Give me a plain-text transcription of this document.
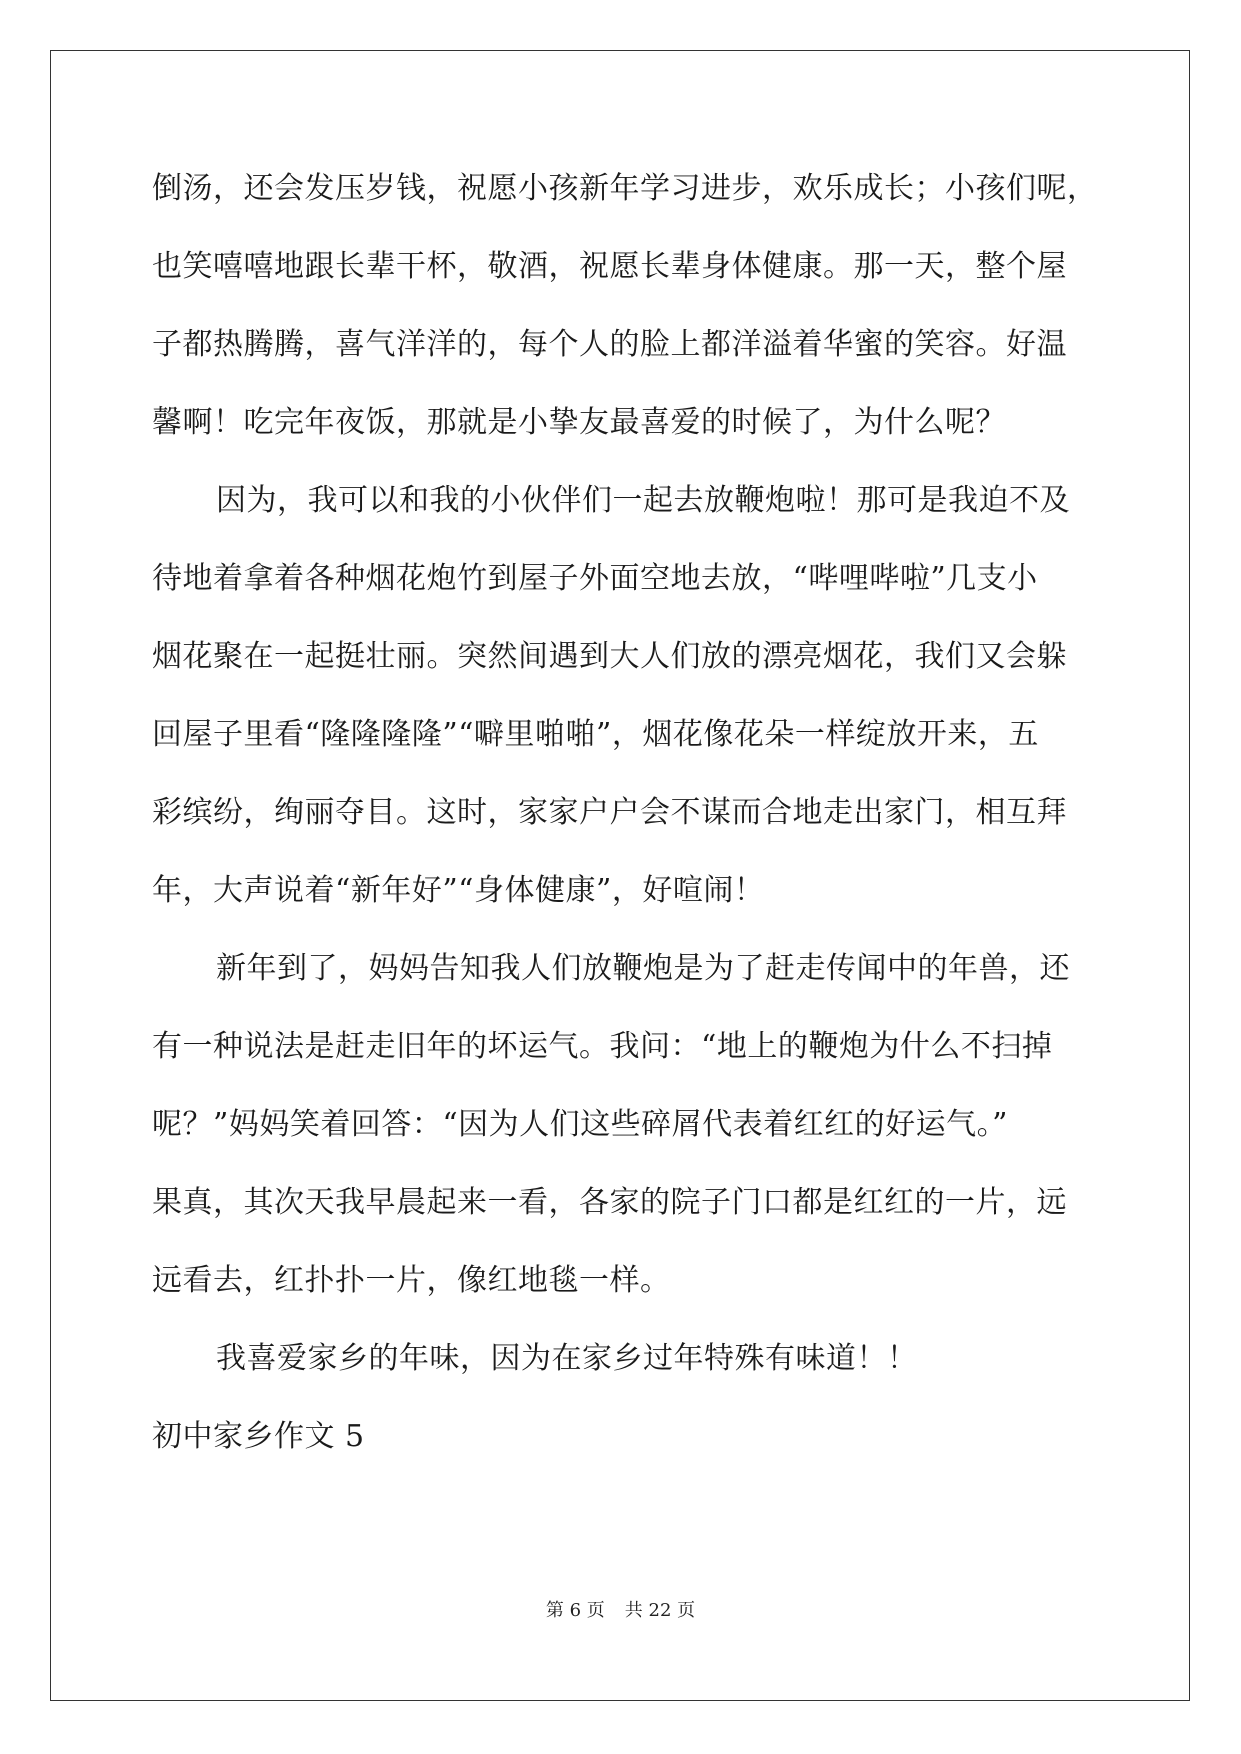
倒汤，还会发压岁钱，祝愿小孩新年学习进步，欢乐成长；小孩们呢，
也笑嘻嘻地跟长辈干杯，敬酒，祝愿长辈身体健康。那一天，整个屋
子都热腾腾，喜气洋洋的，每个人的脸上都洋溢着华蜜的笑容。好温
馨啊！吃完年夜饭，那就是小挚友最喜爱的时候了，为什么呢？
因为，我可以和我的小伙伴们一起去放鞭炮啦！那可是我迫不及
待地着拿着各种烟花炮竹到屋子外面空地去放，“哔哩哔啦”几支小
烟花聚在一起挺壮丽。突然间遇到大人们放的漂亮烟花，我们又会躲
回屋子里看“隆隆隆隆”“噼里啪啪”，烟花像花朵一样绽放开来，五
彩缤纷，绚丽夺目。这时，家家户户会不谋而合地走出家门，相互拜
年，大声说着“新年好”“身体健康”，好喧闹！
新年到了，妈妈告知我人们放鞭炮是为了赶走传闻中的年兽，还
有一种说法是赶走旧年的坏运气。我问：“地上的鞭炮为什么不扫掉
呢？”妈妈笑着回答：“因为人们这些碎屑代表着红红的好运气。”
果真，其次天我早晨起来一看，各家的院子门口都是红红的一片，远
远看去，红扑扑一片，像红地毯一样。
我喜爱家乡的年味，因为在家乡过年特殊有味道！！
初中家乡作文 5
第 6 页 共 22 页
